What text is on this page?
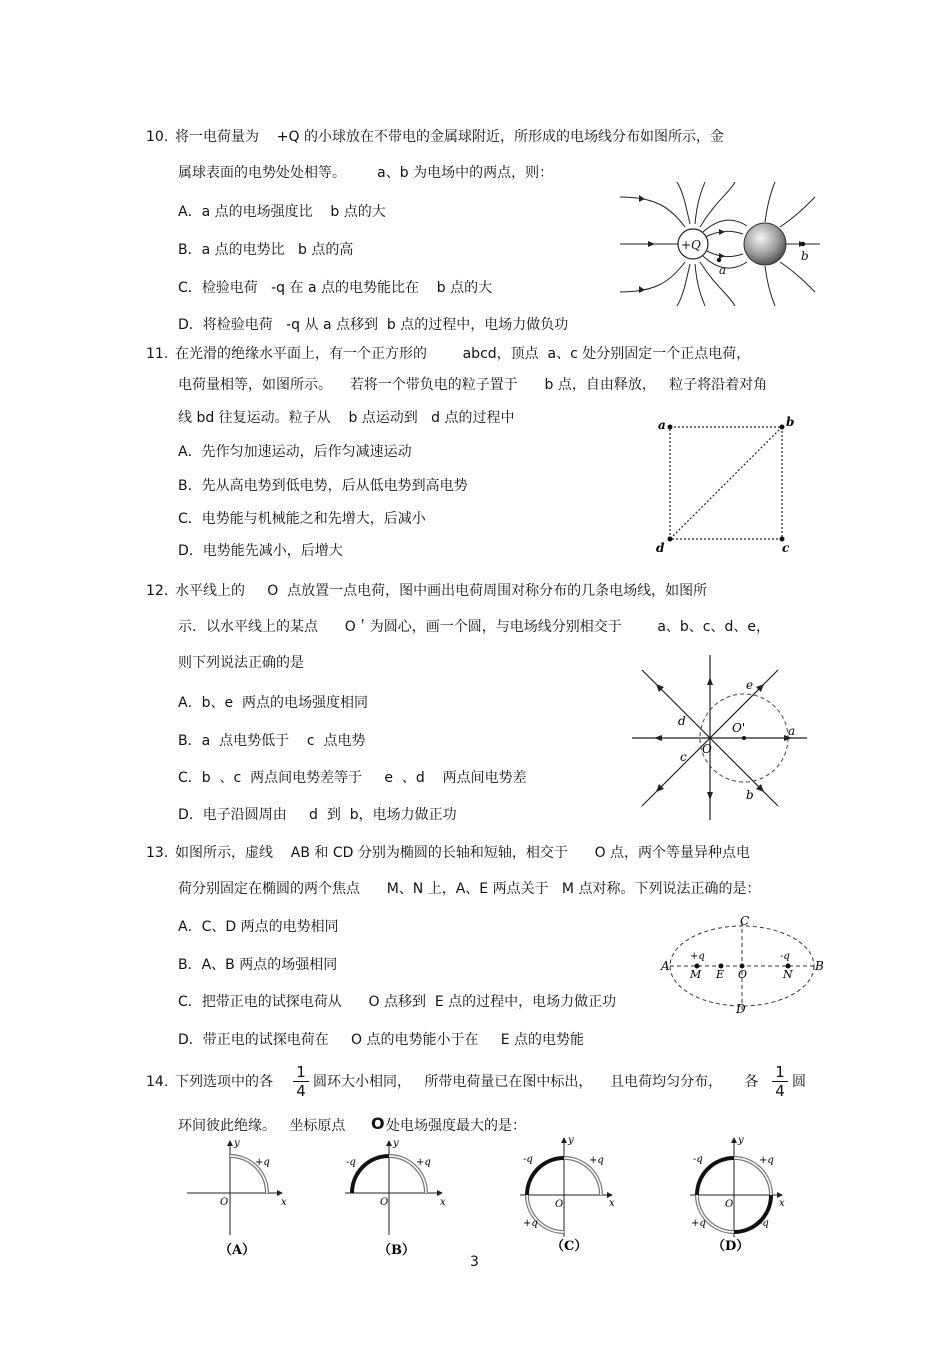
10. 将一电荷量为    +Q 的小球放在不带电的金属球附近，所形成的电场线分布如图所示，金
属球表面的电势处处相等。       a、b 为电场中的两点，则：
A．a 点的电场强度比    b 点的大
B．a 点的电势比   b 点的高
C．检验电荷   -q 在 a 点的电势能比在    b 点的大
D．将检验电荷   -q 从 a 点移到  b 点的过程中，电场力做负功
+Q
a
b
11. 在光滑的绝缘水平面上，有一个正方形的        abcd，顶点  a、c 处分别固定一个正点电荷，
电荷量相等，如图所示。    若将一个带负电的粒子置于      b 点，自由释放，   粒子将沿着对角
线 bd 往复运动。粒子从    b 点运动到   d 点的过程中
A．先作匀加速运动，后作匀减速运动
B．先从高电势到低电势，后从低电势到高电势
C．电势能与机械能之和先增大，后减小
D．电势能先减小，后增大
a	b
c
d
12. 水平线上的     O  点放置一点电荷，图中画出电荷周围对称分布的几条电场线，如图所
示．以水平线上的某点      O＇为圆心，画一个圆，与电场线分别相交于        a、b、c、d、e，
则下列说法正确的是
A．b、e  两点的电场强度相同
B．a  点电势低于    c  点电势
C．b  、c  两点间电势差等于     e  、d    两点间电势差
D．电子沿圆周由     d  到  b，电场力做正功
O
O'	a
b
c
d
e
13. 如图所示，虚线    AB 和 CD 分别为椭圆的长轴和短轴，相交于      O 点，两个等量异种点电
荷分别固定在椭圆的两个焦点      M、N 上，A、E 两点关于   M 点对称。下列说法正确的是：
A．C、D 两点的电势相同
B．A、B 两点的场强相同
C．把带正电的试探电荷从      O 点移到  E 点的过程中，电场力做正功
D．带正电的试探电荷在     O 点的电势能小于在     E 点的电势能
C
D
A	B
M E O	N
+q	-q
14. 下列选项中的各 $\frac{1}{4}$ 圆环大小相同，   所带电荷量已在图中标出，    且电荷均匀分布，     各 $\frac{1}{4}$ 圆
环间彼此绝缘。   坐标原点 O 处电场强度最大的是：
y
x
O
+q
（A）
y
x
O
+q
-q
（B）
y
x
O
+q
-q
+q
（C）
y
x
O
+q
-q
+q	-q
（D）
3
